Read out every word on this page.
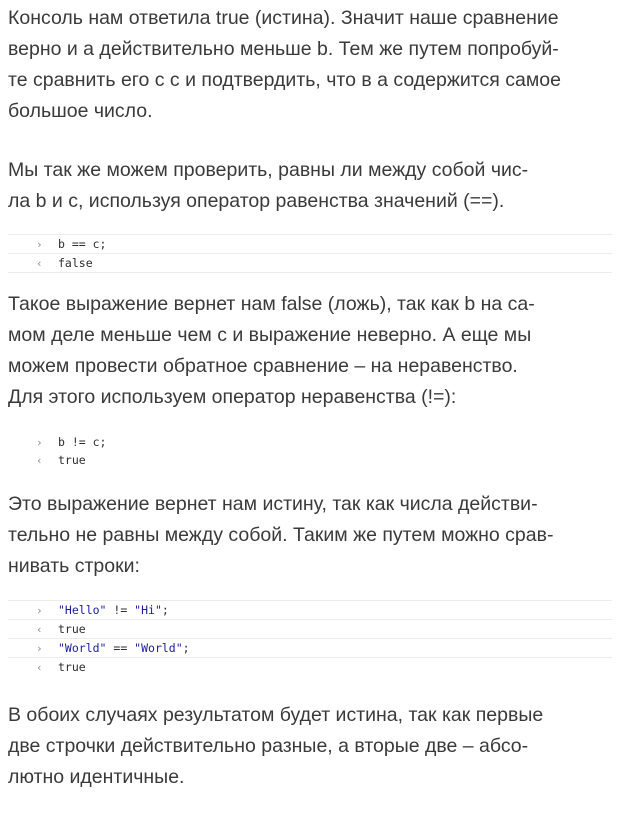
Консоль нам ответила true (истина). Значит наше сравнение
верно и а действительно меньше b. Тем же путем попробуй-
те сравнить его с с и подтвердить, что в а содержится самое
большое число.
Мы так же можем проверить, равны ли между собой чис-
ла b и c, используя оператор равенства значений (==).
›	b == c;
‹	false
Такое выражение вернет нам false (ложь), так как b на са-
мом деле меньше чем с и выражение неверно. А еще мы
можем провести обратное сравнение – на неравенство.
Для этого используем оператор неравенства (!=):
›	b != c;
‹	true
Это выражение вернет нам истину, так как числа действи-
тельно не равны между собой. Таким же путем можно срав-
нивать строки:
›	"Hello" != "Hi";
‹	true
›	"World" == "World";
‹	true
В обоих случаях результатом будет истина, так как первые
две строчки действительно разные, а вторые две – абсо-
лютно идентичные.
